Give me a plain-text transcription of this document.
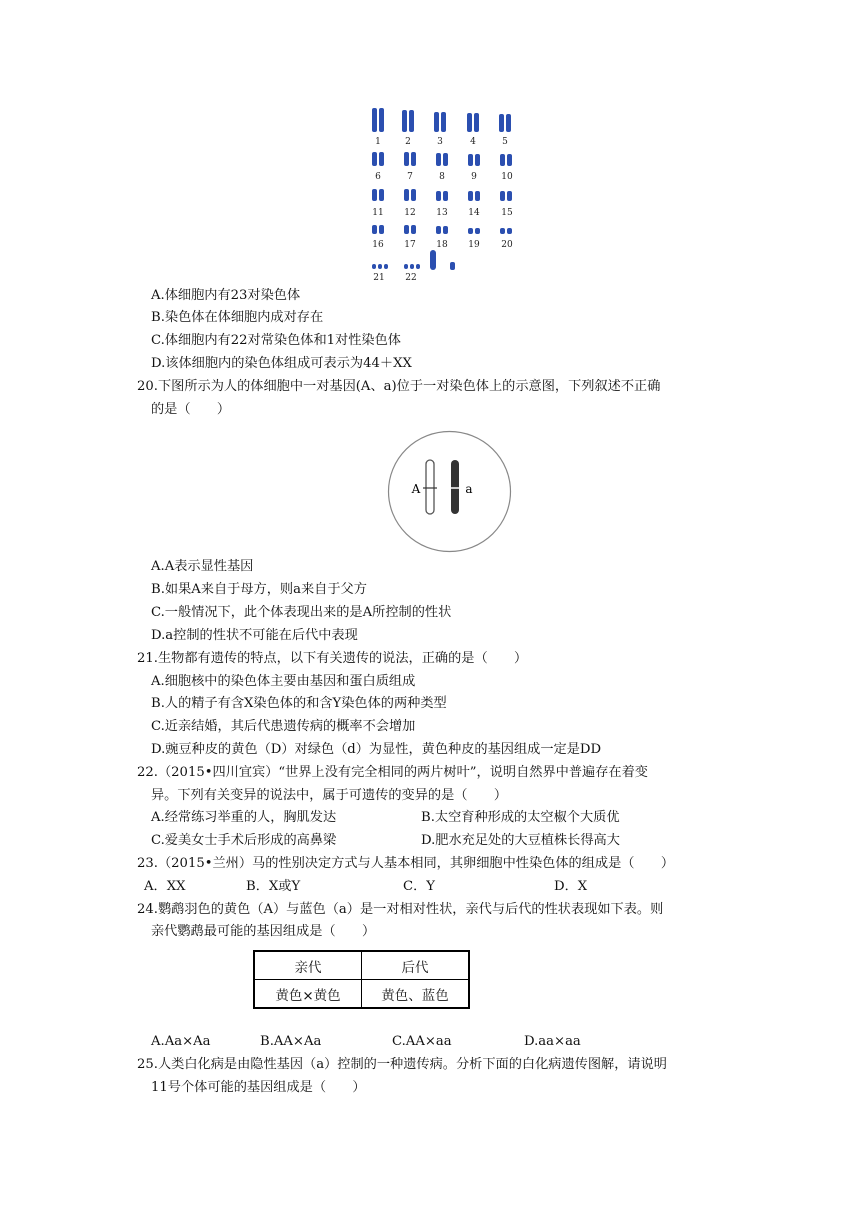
1	2	3	4	5
6	7	8	9	10
11 12 13 14 15
16 17 18 19 20
21 22
A.体细胞内有23对染色体
B.染色体在体细胞内成对存在
C.体细胞内有22对常染色体和1对性染色体
D.该体细胞内的染色体组成可表示为44＋XX
20.下图所示为人的体细胞中一对基因(A、a)位于一对染色体上的示意图，下列叙述不正确
的是（　　）
A	a
A.A表示显性基因
B.如果A来自于母方，则a来自于父方
C.一般情况下，此个体表现出来的是A所控制的性状
D.a控制的性状不可能在后代中表现
21.生物都有遗传的特点，以下有关遗传的说法，正确的是（　　）
A.细胞核中的染色体主要由基因和蛋白质组成
B.人的精子有含X染色体的和含Y染色体的两种类型
C.近亲结婚，其后代患遗传病的概率不会增加
D.豌豆种皮的黄色（D）对绿色（d）为显性，黄色种皮的基因组成一定是DD
22.（2015•四川宜宾）“世界上没有完全相同的两片树叶”，说明自然界中普遍存在着变
异。下列有关变异的说法中，属于可遗传的变异的是（　　）
A.经常练习举重的人，胸肌发达	B.太空育种形成的太空椒个大质优
C.爱美女士手术后形成的高鼻梁	D.肥水充足处的大豆植株长得高大
23.（2015•兰州）马的性别决定方式与人基本相同，其卵细胞中性染色体的组成是（　　）
A．XX	B．X或Y	C．Y	D．X
24.鹦鹉羽色的黄色（A）与蓝色（a）是一对相对性状，亲代与后代的性状表现如下表。则
亲代鹦鹉最可能的基因组成是（　　）
亲代	后代
黄色×黄色	黄色、蓝色
A.Aa×Aa	B.AA×Aa	C.AA×aa	D.aa×aa
25.人类白化病是由隐性基因（a）控制的一种遗传病。分析下面的白化病遗传图解，请说明
11号个体可能的基因组成是（　　）
